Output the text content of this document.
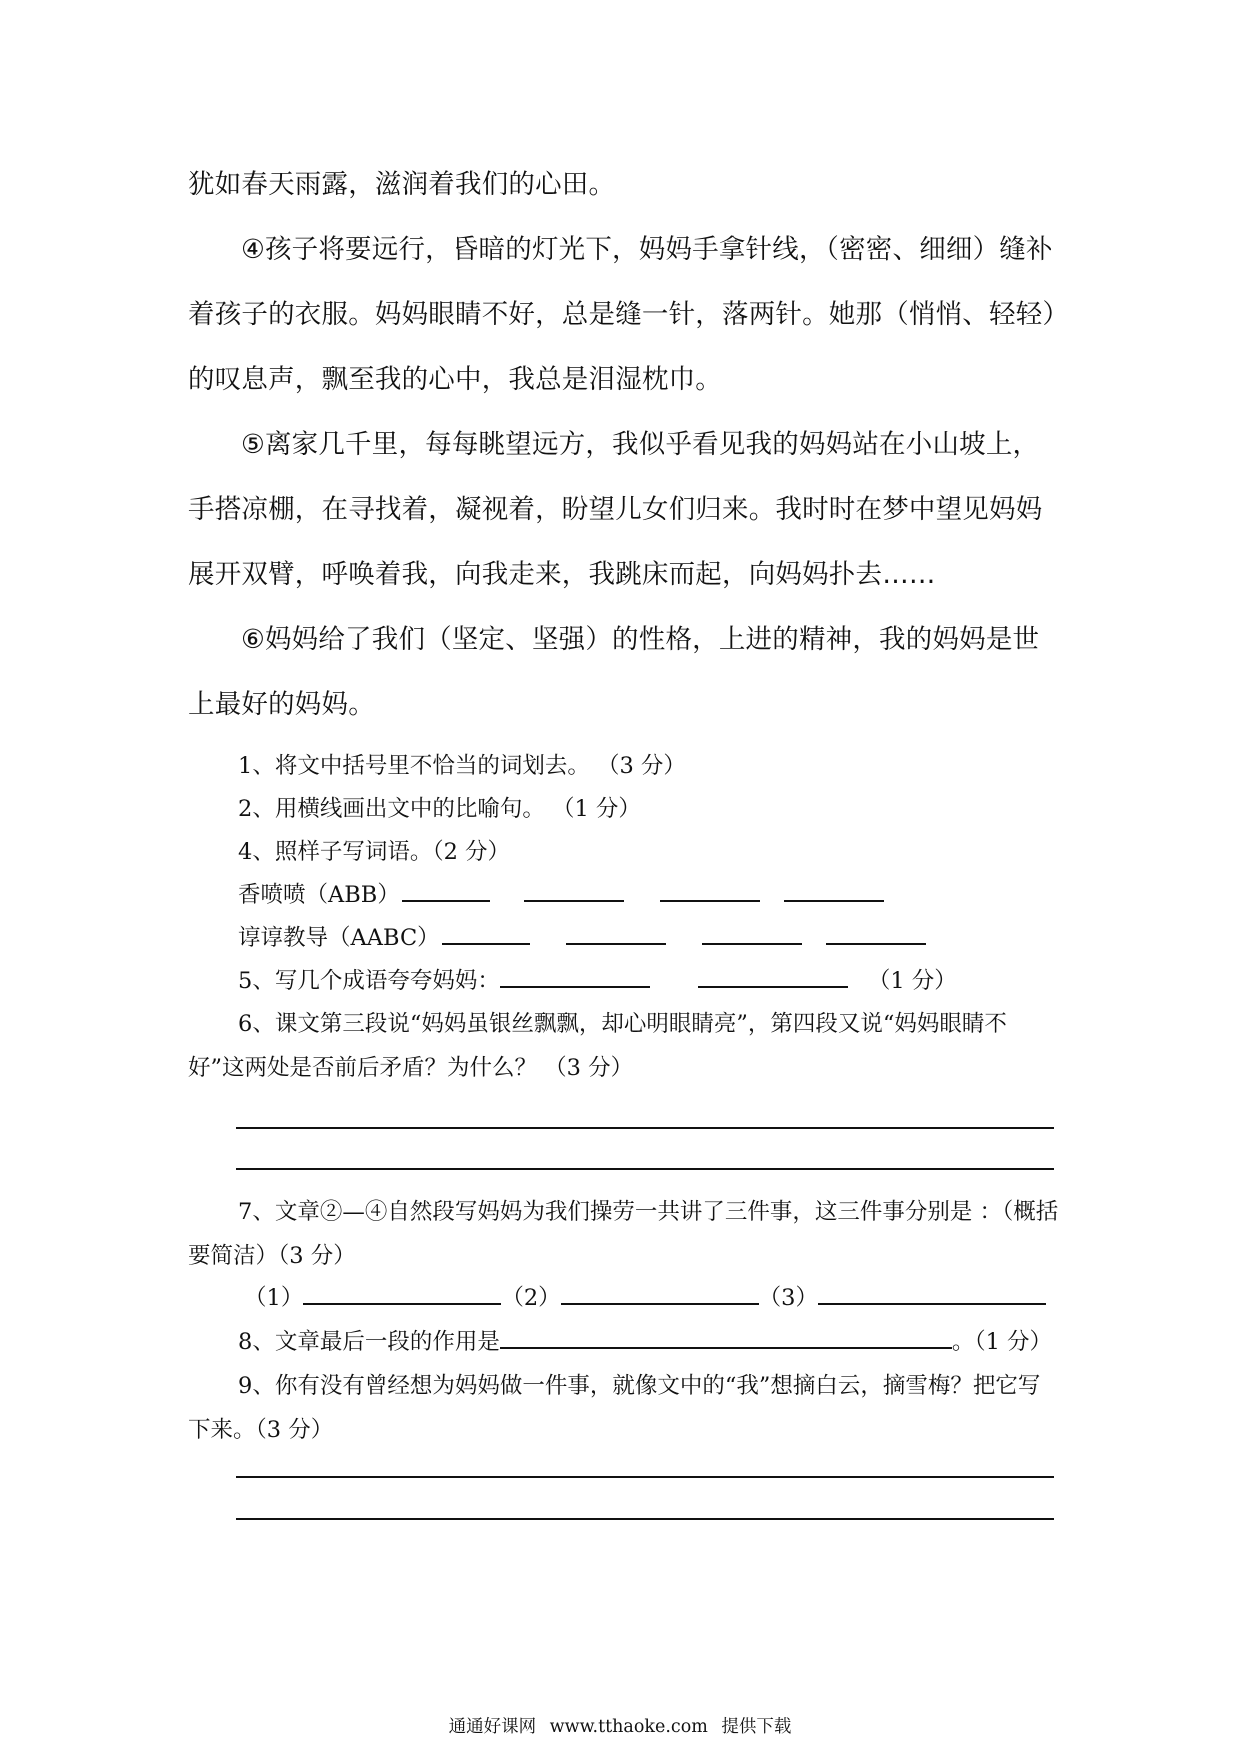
犹如春天雨露，滋润着我们的心田。

④孩子将要远行，昏暗的灯光下，妈妈手拿针线，（密密、细细）缝补着孩子的衣服。妈妈眼睛不好，总是缝一针，落两针。她那（悄悄、轻轻）的叹息声，飘至我的心中，我总是泪湿枕巾。

⑤离家几千里，每每眺望远方，我似乎看见我的妈妈站在小山坡上，手搭凉棚，在寻找着，凝视着，盼望儿女们归来。我时时在梦中望见妈妈展开双臂，呼唤着我，向我走来，我跳床而起，向妈妈扑去……

⑥妈妈给了我们（坚定、坚强）的性格，上进的精神，我的妈妈是世上最好的妈妈。

1、将文中括号里不恰当的词划去。 （3 分）

2、用横线画出文中的比喻句。 （1 分）

4、照样子写词语。（2 分）

香喷喷（ABB）
谆谆教导（AABC）
5、写几个成语夸夸妈妈：	（1 分）

6、课文第三段说“妈妈虽银丝飘飘，却心明眼睛亮”，第四段又说“妈妈眼睛不好”这两处是否前后矛盾？为什么？ （3 分）

7、文章②—④自然段写妈妈为我们操劳一共讲了三件事，这三件事分别是 ：（概括要简洁）（3 分）

（1）	（2）	（3）
8、文章最后一段的作用是	。（1 分）

9、你有没有曾经想为妈妈做一件事，就像文中的“我”想摘白云，摘雪梅？把它写下来。（3 分）

通通好课网 www.tthaoke.com 提供下载
